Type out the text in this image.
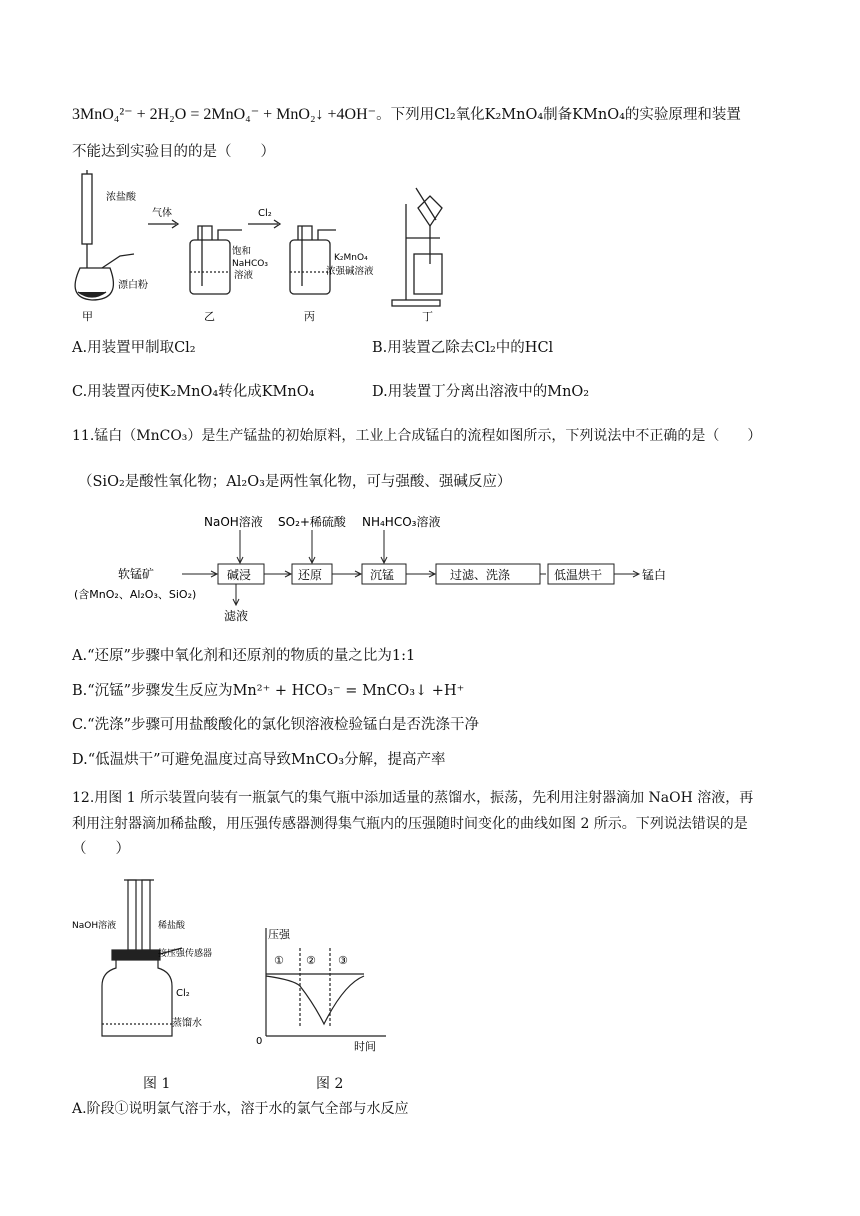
3MnO₄²⁻ + 2H₂O = 2MnO₄⁻ + MnO₂↓ +4OH⁻。下列用Cl₂氧化K₂MnO₄制备KMnO₄的实验原理和装置
不能达到实验目的的是（　　）
浓盐酸
气体
漂白粉
Cl₂
饱和
NaHCO₃
溶液
K₂MnO₄
浓强碱溶液
甲	乙	丙	丁
A.用装置甲制取Cl₂	B.用装置乙除去Cl₂中的HCl
C.用装置丙使K₂MnO₄转化成KMnO₄	D.用装置丁分离出溶液中的MnO₂
11.锰白（MnCO₃）是生产锰盐的初始原料，工业上合成锰白的流程如图所示，下列说法中不正确的是（　　）
（SiO₂是酸性氧化物；Al₂O₃是两性氧化物，可与强酸、强碱反应）
NaOH溶液 SO₂+稀硫酸 NH₄HCO₃溶液
软锰矿
(含MnO₂、Al₂O₃、SiO₂)
碱浸	还原	沉锰	过滤、洗涤	低温烘干	锰白
滤液
A.“还原”步骤中氧化剂和还原剂的物质的量之比为1:1
B.“沉锰”步骤发生反应为Mn²⁺ + HCO₃⁻ = MnCO₃↓ +H⁺
C.“洗涤”步骤可用盐酸酸化的氯化钡溶液检验锰白是否洗涤干净
D.“低温烘干”可避免温度过高导致MnCO₃分解，提高产率
12.用图 1 所示装置向装有一瓶氯气的集气瓶中添加适量的蒸馏水，振荡，先利用注射器滴加 NaOH 溶液，再
利用注射器滴加稀盐酸，用压强传感器测得集气瓶内的压强随时间变化的曲线如图 2 所示。下列说法错误的是
（　　）
NaOH溶液	稀盐酸
接压强传感器
Cl₂
蒸馏水
压强
时间
0
① ② ③
图 1	图 2
A.阶段①说明氯气溶于水，溶于水的氯气全部与水反应
